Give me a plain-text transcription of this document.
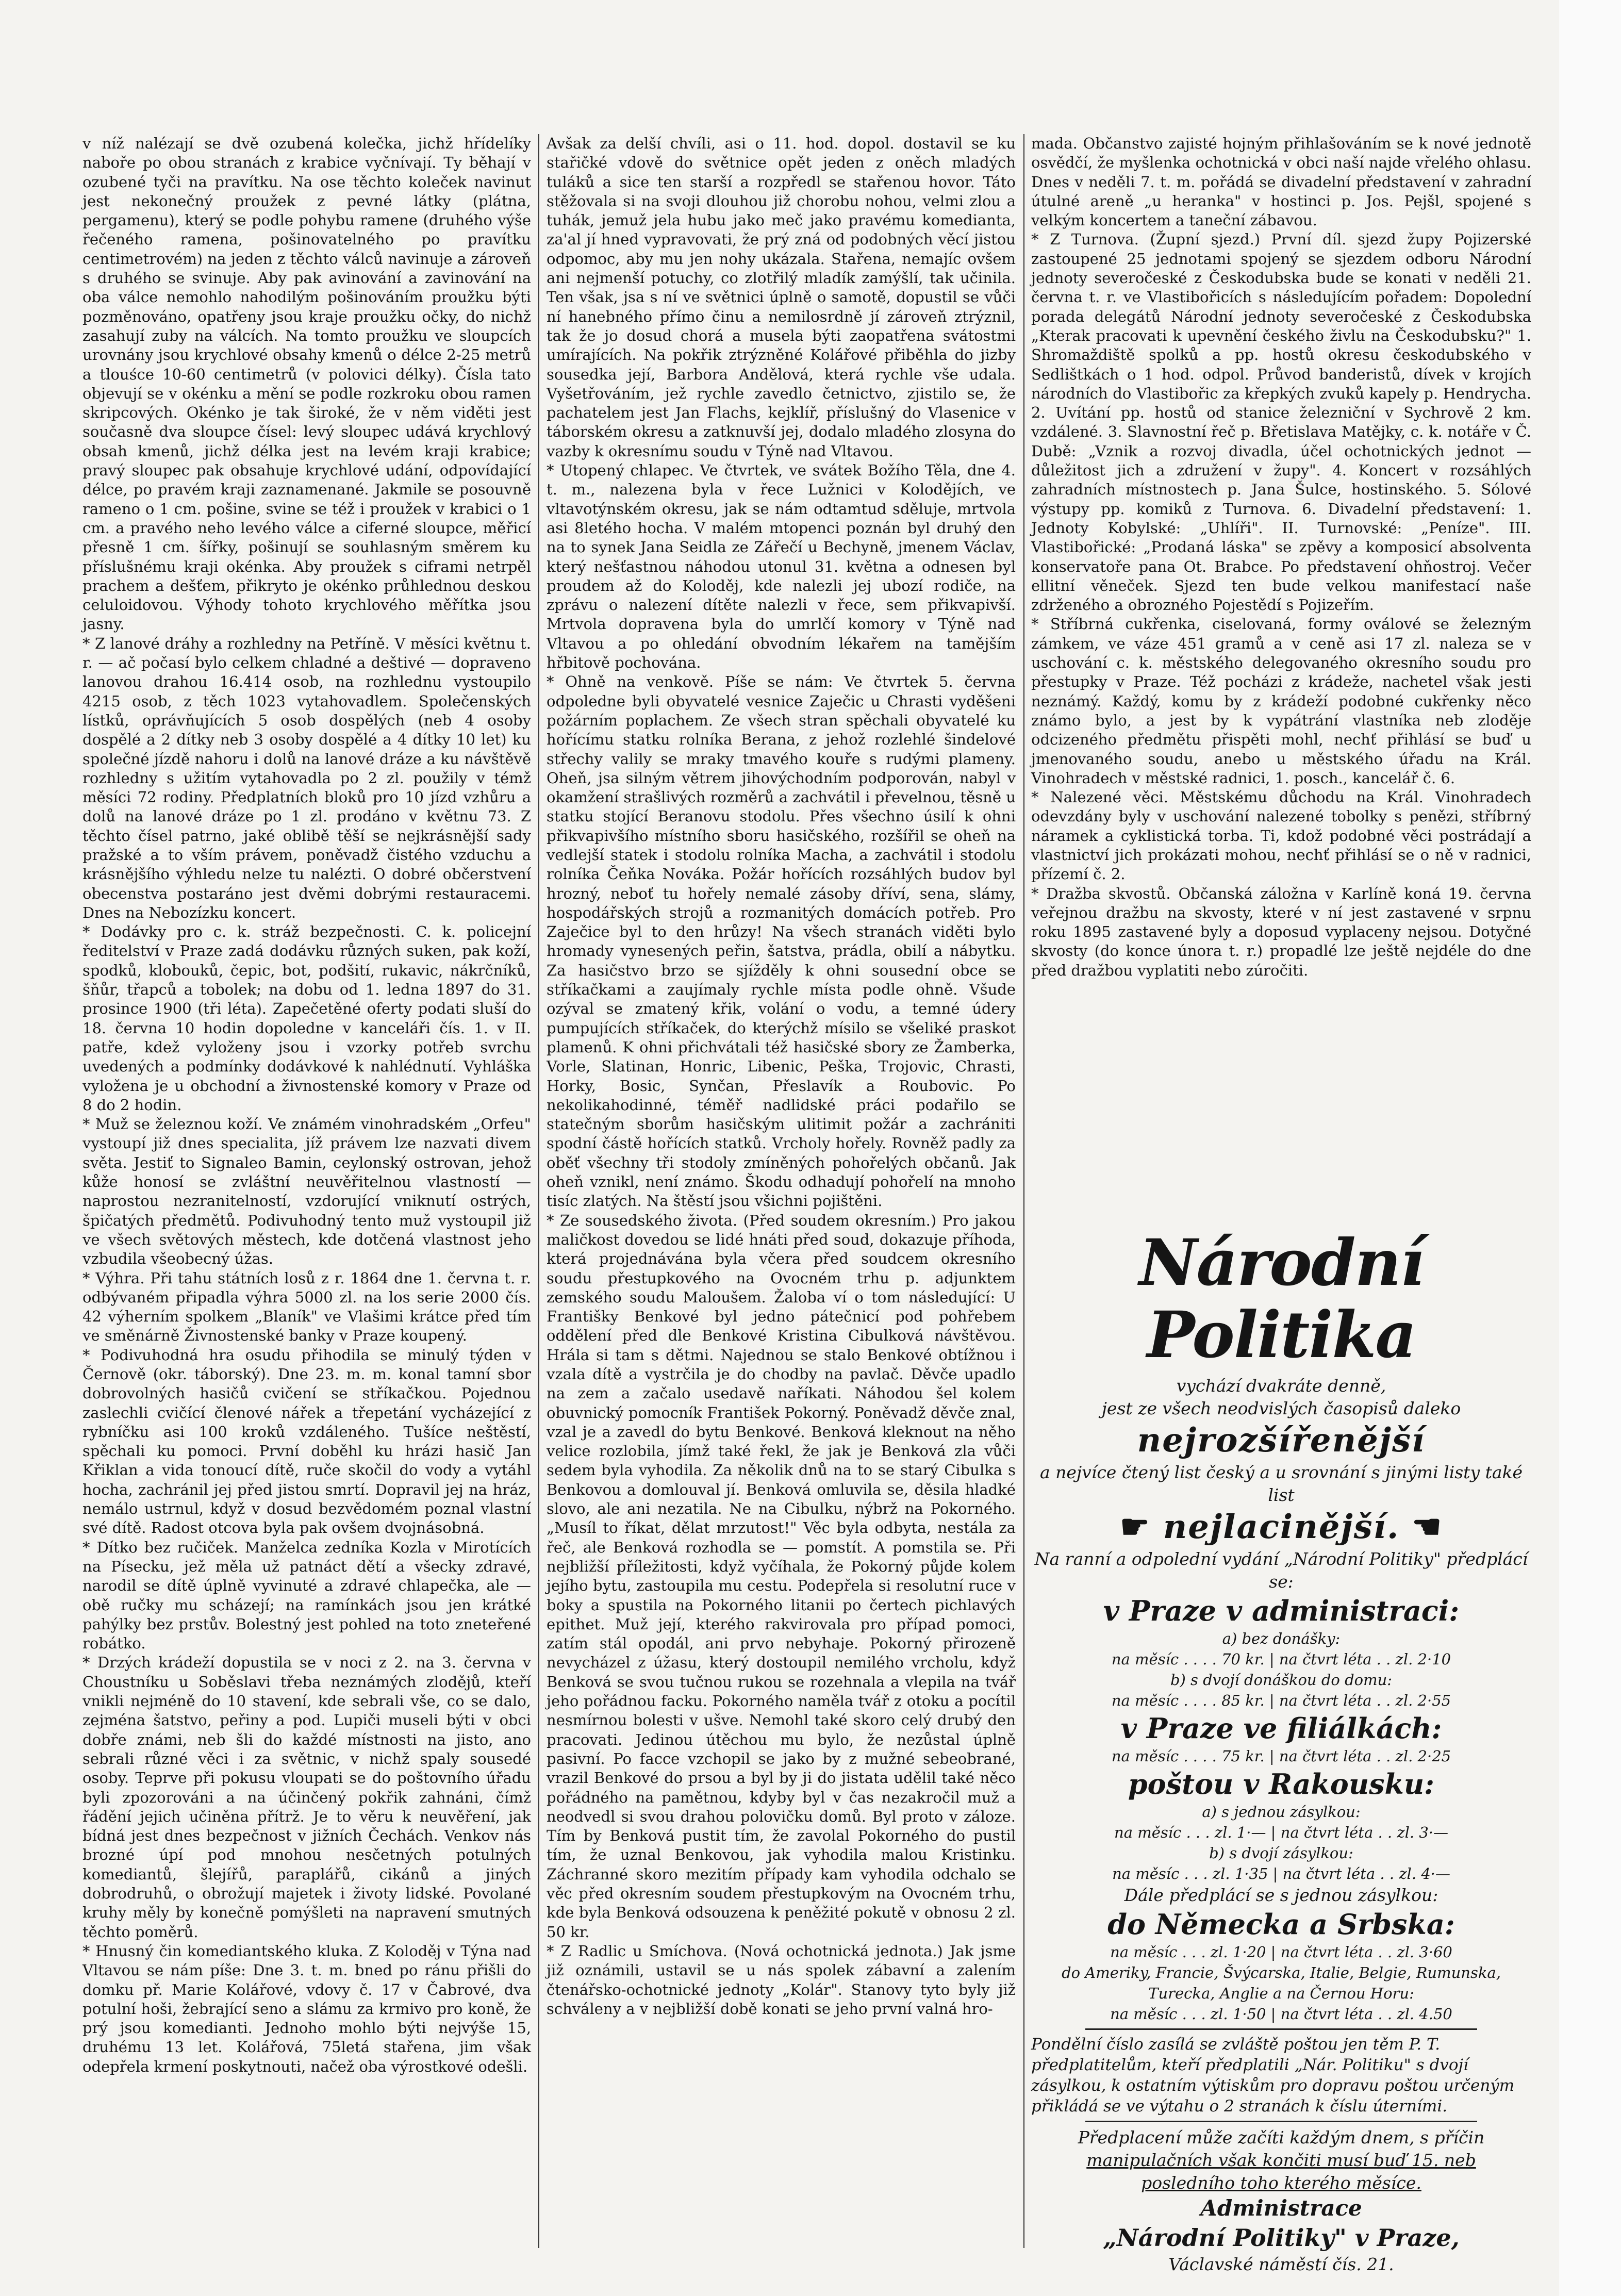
v níž nalézají se dvě ozubená kolečka, jichž hřídelíky naboře po obou stranách z krabice vyčnívají. Ty běhají v ozubené tyči na pravítku. Na ose těchto koleček navinut jest nekonečný proužek z pevné látky (plátna, pergamenu), který se podle pohybu ramene (druhého výše řečeného ramena, pošinovatelného po pravítku centimetrovém) na jeden z těchto válců navinuje a zároveň s druhého se svinuje. Aby pak avinování a zavinování na oba válce nemohlo nahodilým pošinováním proužku býti pozměnováno, opatřeny jsou kraje proužku očky, do nichž zasahují zuby na válcích. Na tomto proužku ve sloupcích urovnány jsou krychlové obsahy kmenů o délce 2-25 metrů a tlouśce 10-60 centimetrů (v polovici délky). Čísla tato objevují se v okénku a mění se podle rozkroku obou ramen skripcových. Okénko je tak široké, že v něm viděti jest současně dva sloupce čísel: levý sloupec udává krychlový obsah kmenů, jichž délka jest na levém kraji krabice; pravý sloupec pak obsahuje krychlové udání, odpovídající délce, po pravém kraji zaznamenané. Jakmile se posouvně rameno o 1 cm. pošine, svine se též i proužek v krabici o 1 cm. a pravého neho levého válce a ciferné sloupce, měřicí přesně 1 cm. šířky, pošinují se souhlasným směrem ku příslušnému kraji okénka. Aby proužek s ciframi netrpěl prachem a dešťem, přikryto je okénko průhlednou deskou celuloidovou. Výhody tohoto krychlového měřítka jsou jasny.

* Z lanové dráhy a rozhledny na Petříně. V měsíci květnu t. r. — ač počasí bylo celkem chladné a deštivé — dopraveno lanovou drahou 16.414 osob, na rozhlednu vystoupilo 4215 osob, z těch 1023 vytahovadlem. Společenských lístků, oprávňujících 5 osob dospělých (neb 4 osoby dospělé a 2 dítky neb 3 osoby dospělé a 4 dítky 10 let) ku společné jízdě nahoru i dolů na lanové dráze a ku návštěvě rozhledny s užitím vytahovadla po 2 zl. použily v témž měsíci 72 rodiny. Předplatních bloků pro 10 jízd vzhůru a dolů na lanové dráze po 1 zl. prodáno v květnu 73. Z těchto čísel patrno, jaké oblibě těší se nejkrásnější sady pražské a to vším právem, poněvadž čistého vzduchu a krásnějšího výhledu nelze tu nalézti. O dobré občerstvení obecenstva postaráno jest dvěmi dobrými restauracemi. Dnes na Nebozízku koncert.

* Dodávky pro c. k. stráž bezpečnosti. C. k. policejní ředitelství v Praze zadá dodávku různých suken, pak koží, spodků, klobouků, čepic, bot, podšití, rukavic, nákrčníků, šňůr, třapců a tobolek; na dobu od 1. ledna 1897 do 31. prosince 1900 (tři léta). Zapečetěné oferty podati sluší do 18. června 10 hodin dopoledne v kanceláři čís. 1. v II. patře, kdež vyloženy jsou i vzorky potřeb svrchu uvedených a podmínky dodávkové k nahlédnutí. Vyhláška vyložena je u obchodní a živnostenské komory v Praze od 8 do 2 hodin.

* Muž se železnou koží. Ve známém vinohradském „Orfeu" vystoupí již dnes specialita, jíž právem lze nazvati divem světa. Jestiť to Signaleo Bamin, ceylonský ostrovan, jehož kůže honosí se zvláštní neuvěřitelnou vlastností — naprostou nezranitelností, vzdorující vniknutí ostrých, špičatých předmětů. Podivuhodný tento muž vystoupil již ve všech světových městech, kde dotčená vlastnost jeho vzbudila všeobecný úžas.

* Výhra. Při tahu státních losů z r. 1864 dne 1. června t. r. odbývaném připadla výhra 5000 zl. na los serie 2000 čís. 42 výherním spolkem „Blaník" ve Vlašimi krátce před tím ve směnárně Živnostenské banky v Praze koupený.

* Podivuhodná hra osudu přihodila se minulý týden v Černově (okr. táborský). Dne 23. m. m. konal tamní sbor dobrovolných hasičů cvičení se stříkačkou. Pojednou zaslechli cvičící členové nářek a třepetání vycházející z rybníčku asi 100 kroků vzdáleného. Tušíce neštěstí, spěchali ku pomoci. První doběhl ku hrázi hasič Jan Křiklan a vida tonoucí dítě, ruče skočil do vody a vytáhl hocha, zachránil jej před jistou smrtí. Dopravil jej na hráz, nemálo ustrnul, když v dosud bezvědomém poznal vlastní své dítě. Radost otcova byla pak ovšem dvojnásobná.

* Dítko bez ručiček. Manželca zedníka Kozla v Mirotících na Písecku, jež měla už patnáct dětí a všecky zdravé, narodil se dítě úplně vyvinuté a zdravé chlapečka, ale — obě ručky mu scházejí; na ramínkách jsou jen krátké pahýlky bez prstův. Bolestný jest pohled na toto zneteřené robátko.

* Drzých krádeží dopustila se v noci z 2. na 3. června v Choustníku u Soběslavi třeba neznámých zlodějů, kteří vnikli nejméně do 10 stavení, kde sebrali vše, co se dalo, zejména šatstvo, peřiny a pod. Lupiči museli býti v obci dobře známi, neb šli do každé místnosti na jisto, ano sebrali různé věci i za světnic, v nichž spaly sousedé osoby. Teprve při pokusu vloupati se do poštovního úřadu byli zpozorováni a na účinčený pokřik zahnáni, čímž řádění jejich učiněna přítrž. Je to věru k neuvěření, jak bídná jest dnes bezpečnost v jižních Čechách. Venkov nás brozné úpí pod mnohou nesčetných potulných komediantů, šlejířů, paraplářů, cikánů a jiných dobrodruhů, o obrožují majetek i životy lidské. Povolané kruhy měly by konečně pomýšleti na napravení smutných těchto poměrů.

* Hnusný čin komediantského kluka. Z Koloděj v Týna nad Vltavou se nám píše: Dne 3. t. m. bned po ránu přišli do domku př. Marie Kolářové, vdovy č. 17 v Čabrové, dva potulní hoši, žebrající seno a slámu za krmivo pro koně, že prý jsou komedianti. Jednoho mohlo býti nejvýše 15, druhému 13 let. Kolářová, 75letá stařena, jim však odepřela krmení poskytnouti, načež oba výrostkové odešli.

Avšak za delší chvíli, asi o 11. hod. dopol. dostavil se ku stařičké vdově do světnice opět jeden z oněch mladých tuláků a sice ten starší a rozpředl se stařenou hovor. Táto stěžovala si na svoji dlouhou již chorobu nohou, velmi zlou a tuhák, jemuž jela hubu jako meč jako pravému komedianta, za'al jí hned vypravovati, že prý zná od podobných věcí jistou odpomoc, aby mu jen nohy ukázala. Stařena, nemajíc ovšem ani nejmenší potuchy, co zlotřilý mladík zamýšlí, tak učinila. Ten však, jsa s ní ve světnici úplně o samotě, dopustil se vůči ní hanebného přímo činu a nemilosrdně jí zároveň ztrýznil, tak že jo dosud chorá a musela býti zaopatřena svátostmi umírajících. Na pokřik ztrýzněné Kolářové přiběhla do jizby sousedka její, Barbora Andělová, která rychle vše udala. Vyšetřováním, jež rychle zavedlo četnictvo, zjistilo se, že pachatelem jest Jan Flachs, kejklíř, příslušný do Vlasenice v táborském okresu a zatknuvší jej, dodalo mladého zlosyna do vazby k okresnímu soudu v Týně nad Vltavou.

* Utopený chlapec. Ve čtvrtek, ve svátek Božího Těla, dne 4. t. m., nalezena byla v řece Lužnici v Kolodějích, ve vltavotýnském okresu, jak se nám odtamtud sděluje, mrtvola asi 8letého hocha. V malém mtopenci poznán byl druhý den na to synek Jana Seidla ze Zářečí u Bechyně, jmenem Václav, který nešťastnou náhodou utonul 31. května a odnesen byl proudem až do Koloděj, kde nalezli jej ubozí rodiče, na zprávu o nalezení dítěte nalezli v řece, sem přikvapivší. Mrtvola dopravena byla do umrlčí komory v Týně nad Vltavou a po ohledání obvodním lékařem na tamějším hřbitově pochována.

* Ohně na venkově. Píše se nám: Ve čtvrtek 5. června odpoledne byli obyvatelé vesnice Zaječic u Chrasti vyděšeni požárním poplachem. Ze všech stran spěchali obyvatelé ku hořícímu statku rolníka Berana, z jehož rozlehlé šindelové střechy valily se mraky tmavého kouře s rudými plameny. Oheň, jsa silným větrem jihovýchodním podporován, nabyl v okamžení strašlivých rozměrů a zachvátil i převelnou, těsně u statku stojící Beranovu stodolu. Přes všechno úsilí k ohni přikvapivšího místního sboru hasičského, rozšířil se oheň na vedlejší statek i stodolu rolníka Macha, a zachvátil i stodolu rolníka Čeňka Nováka. Požár hořících rozsáhlých budov byl hrozný, neboť tu hořely nemalé zásoby dříví, sena, slámy, hospodářských strojů a rozmanitých domácích potřeb. Pro Zaječice byl to den hrůzy! Na všech stranách viděti bylo hromady vynesených peřin, šatstva, prádla, obilí a nábytku. Za hasičstvo brzo se sjížděly k ohni sousední obce se stříkačkami a zaujímaly rychle místa podle ohně. Všude ozýval se zmatený křik, volání o vodu, a temné údery pumpujících stříkaček, do kterýchž mísilo se všeliké praskot plamenů. K ohni přichvátali též hasičské sbory ze Žamberka, Vorle, Slatinan, Honric, Libenic, Peška, Trojovic, Chrasti, Horky, Bosic, Synčan, Přeslavík a Roubovic. Po nekolikahodinné, téměř nadlidské práci podařilo se statečným sborům hasičským ulitimit požár a zachrániti spodní částě hořících statků. Vrcholy hořely. Rovněž padly za oběť všechny tři stodoly zmíněných pohořelých občanů. Jak oheň vznikl, není známo. Škodu odhadují pohořelí na mnoho tisíc zlatých. Na štěstí jsou všichni pojištěni.

* Ze sousedského života. (Před soudem okresním.) Pro jakou maličkost dovedou se lidé hnáti před soud, dokazuje příhoda, která projednávána byla včera před soudcem okresního soudu přestupkového na Ovocném trhu p. adjunktem zemského soudu Maloušem. Žaloba ví o tom následující: U Františky Benkové byl jedno pátečnicí pod pohřebem oddělení před dle Benkové Kristina Cibulková návštěvou. Hrála si tam s dětmi. Najednou se stalo Benkové obtížnou i vzala dítě a vystrčila je do chodby na pavlač. Děvče upadlo na zem a začalo usedavě naříkati. Náhodou šel kolem obuvnický pomocník František Pokorný. Poněvadž děvče znal, vzal je a zavedl do bytu Benkové. Benková kleknout na něho velice rozlobila, jímž také řekl, že jak je Benková zla vůči sedem byla vyhodila. Za několik dnů na to se starý Cibulka s Benkovou a domlouval jí. Benková omluvila se, děsila hladké slovo, ale ani nezatila. Ne na Cibulku, nýbrž na Pokorného. „Musíl to říkat, dělat mrzutost!" Věc byla odbyta, nestála za řeč, ale Benková rozhodla se — pomstít. A pomstila se. Při nejbližší příležitosti, když vyčíhala, že Pokorný půjde kolem jejího bytu, zastoupila mu cestu. Podepřela si resolutní ruce v boky a spustila na Pokorného litanii po čertech pichlavých epithet. Muž její, kterého rakvirovala pro případ pomoci, zatím stál opodál, ani prvo nebyhaje. Pokorný přirozeně nevycházel z úžasu, který dostoupil nemilého vrcholu, když Benková se svou tučnou rukou se rozehnala a vlepila na tvář jeho pořádnou facku. Pokorného naměla tvář z otoku a pocítil nesmírnou bolesti v ušve. Nemohl také skoro celý drubý den pracovati. Jedinou útěchou mu bylo, že nezůstal úplně pasivní. Po facce vzchopil se jako by z mužné sebeobrané, vrazil Benkové do prsou a byl by ji do jistata udělil také něco pořádného na pamětnou, kdyby byl v čas nezakročil muž a neodvedl si svou drahou polovičku domů. Byl proto v záloze. Tím by Benková pustit tím, že zavolal Pokorného do pustil tím, že uznal Benkovou, jak vyhodila malou Kristinku. Záchranné skoro mezitím případy kam vyhodila odchalo se věc před okresním soudem přestupkovým na Ovocném trhu, kde byla Benková odsouzena k peněžité pokutě v obnosu 2 zl. 50 kr.

* Z Radlic u Smíchova. (Nová ochotnická jednota.) Jak jsme již oznámili, ustavil se u nás spolek zábavní a zalením čtenářsko-ochotnické jednoty „Kolár". Stanovy tyto byly již schváleny a v nejbližší době konati se jeho první valná hro-

mada. Občanstvo zajisté hojným přihlašováním se k nové jednotě osvědčí, že myšlenka ochotnická v obci naší najde vřelého ohlasu. Dnes v neděli 7. t. m. pořádá se divadelní představení v zahradní útulné areně „u heranka" v hostinci p. Jos. Pejšl, spojené s velkým koncertem a taneční zábavou.

* Z Turnova. (Župní sjezd.) První díl. sjezd župy Pojizerské zastoupené 25 jednotami spojený se sjezdem odboru Národní jednoty severočeské z Českodubska bude se konati v neděli 21. června t. r. ve Vlastibořicích s následujícím pořadem: Dopolední porada delegátů Národní jednoty severočeské z Českodubska „Kterak pracovati k upevnění českého živlu na Českodubsku?" 1. Shromaždiště spolků a pp. hostů okresu českodubského v Sedlištkách o 1 hod. odpol. Průvod banderistů, dívek v krojích národních do Vlastibořic za křepkých zvuků kapely p. Hendrycha. 2. Uvítání pp. hostů od stanice železniční v Sychrově 2 km. vzdálené. 3. Slavnostní řeč p. Břetislava Matějky, c. k. notáře v Č. Dubě: „Vznik a rozvoj divadla, účel ochotnických jednot — důležitost jich a združení v župy". 4. Koncert v rozsáhlých zahradních místnostech p. Jana Šulce, hostinského. 5. Sólové výstupy pp. komiků z Turnova. 6. Divadelní představení: 1. Jednoty Kobylské: „Uhlíři". II. Turnovské: „Peníze". III. Vlastibořické: „Prodaná láska" se zpěvy a komposicí absolventa konservatoře pana Ot. Brabce. Po představení ohňostroj. Večer ellitní věneček. Sjezd ten bude velkou manifestací naše zdrženého a obrozného Pojestědí s Pojizeřím.

* Stříbrná cukřenka, ciselovaná, formy oválové se železným zámkem, ve váze 451 gramů a v ceně asi 17 zl. naleza se v uschování c. k. městského delegovaného okresního soudu pro přestupky v Praze. Též pocházi z krádeže, nachetel však jesti neznámý. Každý, komu by z krádeží podobné cukřenky něco známo bylo, a jest by k vypátrání vlastníka neb zloděje odcizeného předmětu přispěti mohl, nechť přihlásí se buď u jmenovaného soudu, anebo u městského úřadu na Král. Vinohradech v městské radnici, 1. posch., kancelář č. 6.

* Nalezené věci. Městskému důchodu na Král. Vinohradech odevzdány byly v uschování nalezené tobolky s penězi, stříbrný náramek a cyklistická torba. Ti, kdož podobné věci postrádají a vlastnictví jich prokázati mohou, nechť přihlásí se o ně v radnici, přízemí č. 2.

* Dražba skvostů. Občanská záložna v Karlíně koná 19. června veřejnou dražbu na skvosty, které v ní jest zastavené v srpnu roku 1895 zastavené byly a doposud vyplaceny nejsou. Dotyčné skvosty (do konce února t. r.) propadlé lze ještě nejdéle do dne před dražbou vyplatiti nebo zúročiti.

Národní Politika

vychází dvakráte denně,

jest ze všech neodvislých časopisů daleko

nejrozšířenější

a nejvíce čtený list český a u srovnání s jinými listy také list

☛ nejlacinější. ☚

Na ranní a odpolední vydání „Národní Politiky" předplácí se:

v Praze v administraci:

a) bez donášky:

na měsíc . . . . 70 kr. | na čtvrt léta . . zl. 2·10

b) s dvojí donáškou do domu:

na měsíc . . . . 85 kr. | na čtvrt léta . . zl. 2·55

v Praze ve filiálkách:

na měsíc . . . . 75 kr. | na čtvrt léta . . zl. 2·25

poštou v Rakousku:

a) s jednou zásylkou:

na měsíc . . . zl. 1·— | na čtvrt léta . . zl. 3·—

b) s dvojí zásylkou:

na měsíc . . . zl. 1·35 | na čtvrt léta . . zl. 4·—

Dále předplácí se s jednou zásylkou:

do Německa a Srbska:

na měsíc . . . zl. 1·20 | na čtvrt léta . . zl. 3·60

do Ameriky, Francie, Švýcarska, Italie, Belgie, Rumunska, Turecka, Anglie a na Černou Horu:

na měsíc . . . zl. 1·50 | na čtvrt léta . . zl. 4.50

Pondělní číslo zasílá se zvláště poštou jen těm P. T. předplatitelům, kteří předplatili „Nár. Politiku" s dvojí zásylkou, k ostatním výtiskům pro dopravu poštou určeným přikládá se ve výtahu o 2 stranách k číslu úterními.

Předplacení může začíti každým dnem, s příčin

manipulačních však končiti musí buď 15. neb

posledního toho kterého měsíce.

Administrace

„Národní Politiky" v Praze,

Václavské náměstí čís. 21.
